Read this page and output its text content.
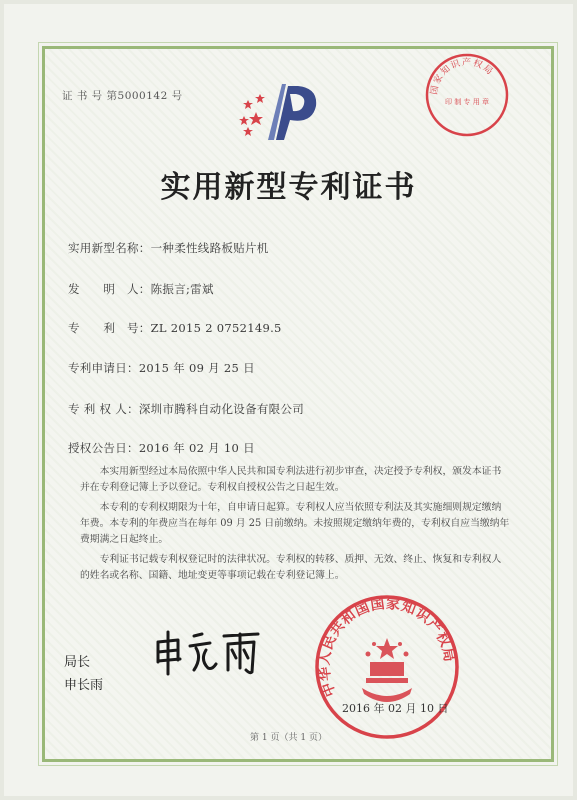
证 书 号 第5000142 号
国家知识产权局
印 制 专 用 章
实用新型专利证书
实用新型名称：一种柔性线路板贴片机
发　　明　人：陈振言;雷斌
专　　利　号：ZL 2015 2 0752149.5
专利申请日：2015 年 09 月 25 日
专 利 权 人：深圳市腾科自动化设备有限公司
授权公告日：2016 年 02 月 10 日

本实用新型经过本局依照中华人民共和国专利法进行初步审查，决定授予专利权，颁发本证书并在专利登记簿上予以登记。专利权自授权公告之日起生效。

本专利的专利权期限为十年，自申请日起算。专利权人应当依照专利法及其实施细则规定缴纳年费。本专利的年费应当在每年 09 月 25 日前缴纳。未按照规定缴纳年费的，专利权自应当缴纳年费期满之日起终止。

专利证书记载专利权登记时的法律状况。专利权的转移、质押、无效、终止、恢复和专利权人的姓名或名称、国籍、地址变更等事项记载在专利登记簿上。

局长
申长雨	中华人民共和国国家知识产权局
2016 年 02 月 10 日
第 1 页（共 1 页）
